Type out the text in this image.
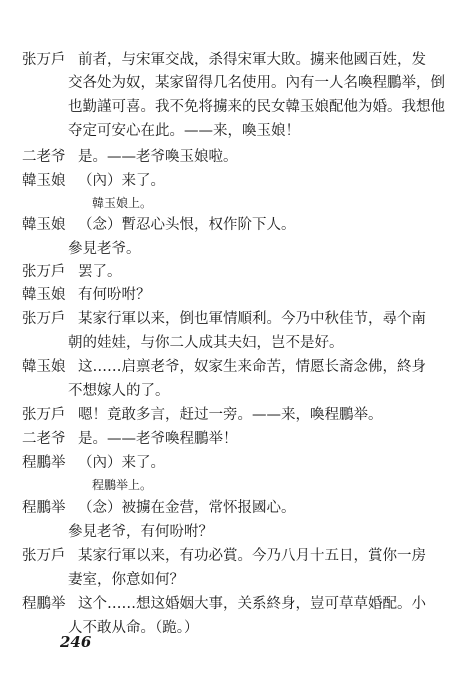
张万戶 前者，与宋軍交战，杀得宋軍大敗。擄来他國百姓，发
交各处为奴，某家留得几名使用。內有一人名喚程鵬举，倒
也勤謹可喜。我不免将擄来的民女韓玉娘配他为婚。我想他
夺定可安心在此。——来，喚玉娘！
二老爷 是。——老爷喚玉娘啦。
韓玉娘 （內）来了。
韓玉娘上。
韓玉娘 （念）暫忍心头恨，权作阶下人。
參見老爷。
张万戶 罢了。
韓玉娘 有何吩咐？
张万戶 某家行軍以来，倒也軍情順利。今乃中秋佳节，尋个南
朝的娃娃，与你二人成其夫妇，岂不是好。
韓玉娘 这……启禀老爷，奴家生来命苦，情愿长斋念佛，終身
不想嫁人的了。
张万戶 嗯！竟敢多言，赶过一旁。——来，喚程鵬举。
二老爷 是。——老爷喚程鵬举！
程鵬举 （內）来了。
程鵬举上。
程鵬举 （念）被擄在金营，常怀报國心。
參見老爷，有何吩咐？
张万戶 某家行軍以来，有功必賞。今乃八月十五日，賞你一房
妻室，你意如何？
程鵬举 这个……想这婚姻大事，关系終身，豈可草草婚配。小
人不敢从命。（跪。）
246
